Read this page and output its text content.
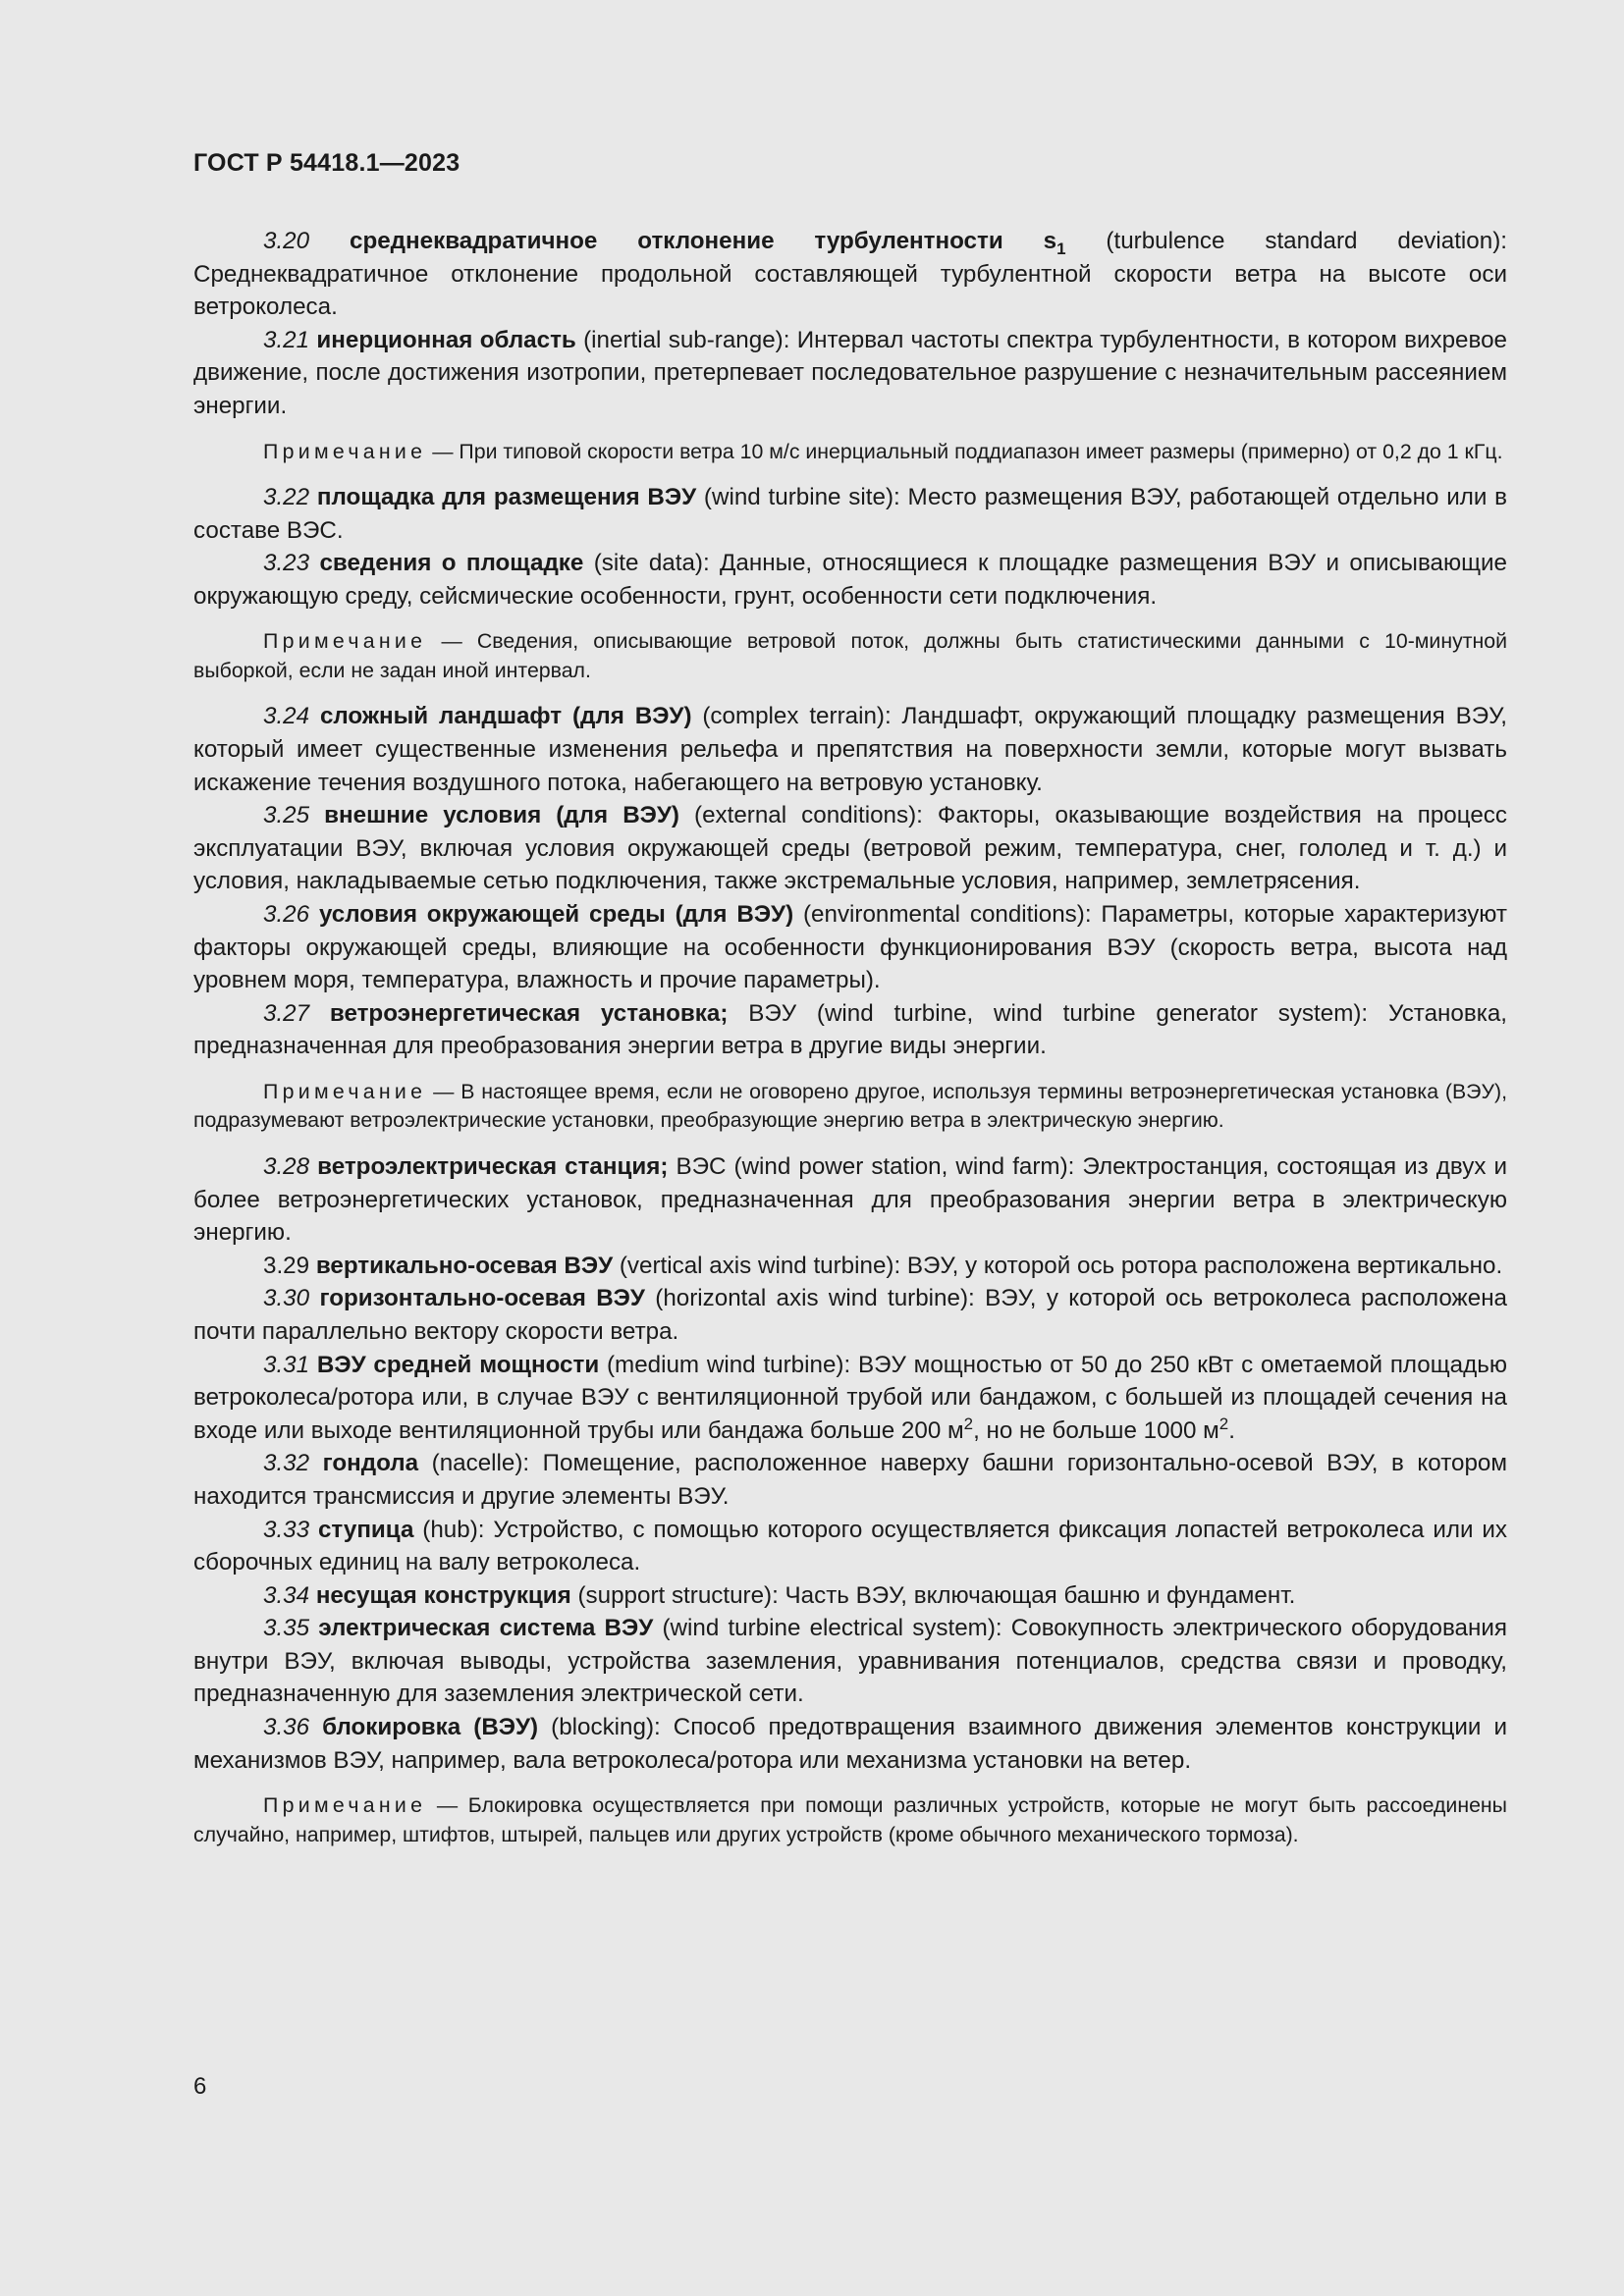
ГОСТ Р 54418.1—2023

3.20 среднеквадратичное отклонение турбулентности $s_1$ (turbulence standard deviation): Среднеквадратичное отклонение продольной составляющей турбулентной скорости ветра на высоте оси ветроколеса.

3.21 инерционная область (inertial sub-range): Интервал частоты спектра турбулентности, в котором вихревое движение, после достижения изотропии, претерпевает последовательное разрушение с незначительным рассеянием энергии.

Примечание — При типовой скорости ветра 10 м/с инерциальный поддиапазон имеет размеры (примерно) от 0,2 до 1 кГц.

3.22 площадка для размещения ВЭУ (wind turbine site): Место размещения ВЭУ, работающей отдельно или в составе ВЭС.

3.23 сведения о площадке (site data): Данные, относящиеся к площадке размещения ВЭУ и описывающие окружающую среду, сейсмические особенности, грунт, особенности сети подключения.

Примечание — Сведения, описывающие ветровой поток, должны быть статистическими данными с 10-минутной выборкой, если не задан иной интервал.

3.24 сложный ландшафт (для ВЭУ) (complex terrain): Ландшафт, окружающий площадку размещения ВЭУ, который имеет существенные изменения рельефа и препятствия на поверхности земли, которые могут вызвать искажение течения воздушного потока, набегающего на ветровую установку.

3.25 внешние условия (для ВЭУ) (external conditions): Факторы, оказывающие воздействия на процесс эксплуатации ВЭУ, включая условия окружающей среды (ветровой режим, температура, снег, гололед и т. д.) и условия, накладываемые сетью подключения, также экстремальные условия, например, землетрясения.

3.26 условия окружающей среды (для ВЭУ) (environmental conditions): Параметры, которые характеризуют факторы окружающей среды, влияющие на особенности функционирования ВЭУ (скорость ветра, высота над уровнем моря, температура, влажность и прочие параметры).

3.27 ветроэнергетическая установка; ВЭУ (wind turbine, wind turbine generator system): Установка, предназначенная для преобразования энергии ветра в другие виды энергии.

Примечание — В настоящее время, если не оговорено другое, используя термины ветроэнергетическая установка (ВЭУ), подразумевают ветроэлектрические установки, преобразующие энергию ветра в электрическую энергию.

3.28 ветроэлектрическая станция; ВЭС (wind power station, wind farm): Электростанция, состоящая из двух и более ветроэнергетических установок, предназначенная для преобразования энергии ветра в электрическую энергию.

3.29 вертикально-осевая ВЭУ (vertical axis wind turbine): ВЭУ, у которой ось ротора расположена вертикально.

3.30 горизонтально-осевая ВЭУ (horizontal axis wind turbine): ВЭУ, у которой ось ветроколеса расположена почти параллельно вектору скорости ветра.

3.31 ВЭУ средней мощности (medium wind turbine): ВЭУ мощностью от 50 до 250 кВт с ометаемой площадью ветроколеса/ротора или, в случае ВЭУ с вентиляционной трубой или бандажом, с большей из площадей сечения на входе или выходе вентиляционной трубы или бандажа больше 200 $м^2$, но не больше 1000 $м^2$.

3.32 гондола (nacelle): Помещение, расположенное наверху башни горизонтально-осевой ВЭУ, в котором находится трансмиссия и другие элементы ВЭУ.

3.33 ступица (hub): Устройство, с помощью которого осуществляется фиксация лопастей ветроколеса или их сборочных единиц на валу ветроколеса.

3.34 несущая конструкция (support structure): Часть ВЭУ, включающая башню и фундамент.

3.35 электрическая система ВЭУ (wind turbine electrical system): Совокупность электрического оборудования внутри ВЭУ, включая выводы, устройства заземления, уравнивания потенциалов, средства связи и проводку, предназначенную для заземления электрической сети.

3.36 блокировка (ВЭУ) (blocking): Способ предотвращения взаимного движения элементов конструкции и механизмов ВЭУ, например, вала ветроколеса/ротора или механизма установки на ветер.

Примечание — Блокировка осуществляется при помощи различных устройств, которые не могут быть рассоединены случайно, например, штифтов, штырей, пальцев или других устройств (кроме обычного механического тормоза).

6
